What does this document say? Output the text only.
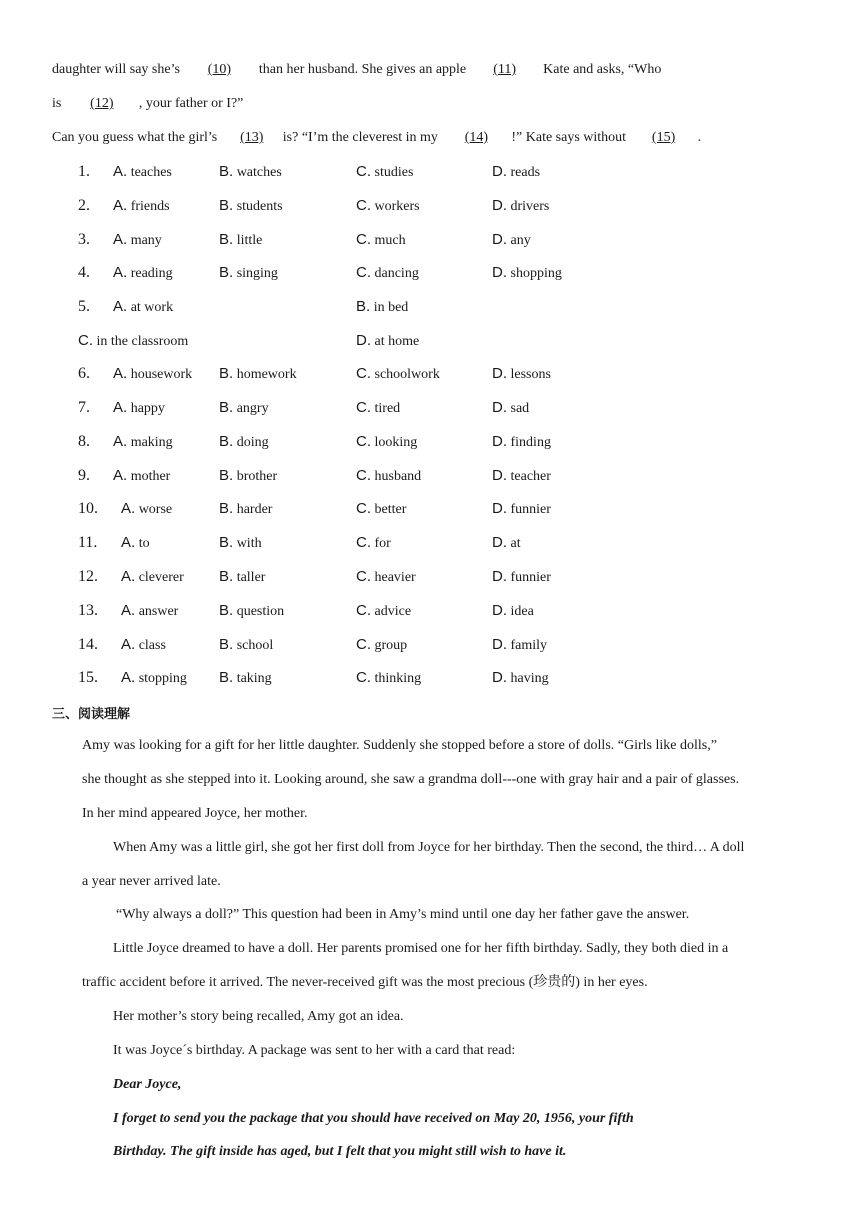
daughter will say she’s (10) than her husband. She gives an apple (11) Kate and asks, “Who
is (12) , your father or I?”
Can you guess what the girl’s (13) is? “I’m the cleverest in my (14) !” Kate says without (15) .
1. A. teaches	B. watches	C. studies	D. reads
2. A. friends	B. students	C. workers	D. drivers
3. A. many	B. little	C. much	D. any
4. A. reading	B. singing	C. dancing	D. shopping
5. A. at work	B. in bed
C. in the classroom	D. at home
6. A. housework B. homework	C. schoolwork	D. lessons
7. A. happy	B. angry	C. tired	D. sad
8. A. making	B. doing	C. looking	D. finding
9. A. mother	B. brother	C. husband	D. teacher
10. A. worse	B. harder	C. better	D. funnier
11. A. to	B. with	C. for	D. at
12. A. cleverer B. taller	C. heavier	D. funnier
13. A. answer	B. question	C. advice	D. idea
14. A. class	B. school	C. group	D. family
15. A. stopping B. taking	C. thinking	D. having
三、阅读理解
Amy was looking for a gift for her little daughter. Suddenly she stopped before a store of dolls. “Girls like dolls,”
she thought as she stepped into it. Looking around, she saw a grandma doll---one with gray hair and a pair of glasses.
In her mind appeared Joyce, her mother.
When Amy was a little girl, she got her first doll from Joyce for her birthday. Then the second, the third… A doll
a year never arrived late.
“Why always a doll?” This question had been in Amy’s mind until one day her father gave the answer.
Little Joyce dreamed to have a doll. Her parents promised one for her fifth birthday. Sadly, they both died in a
traffic accident before it arrived. The never-received gift was the most precious (珍贵的) in her eyes.
Her mother’s story being recalled, Amy got an idea.
It was Joyce´s birthday. A package was sent to her with a card that read:
Dear Joyce,
I forget to send you the package that you should have received on May 20, 1956, your fifth
Birthday. The gift inside has aged, but I felt that you might still wish to have it.
